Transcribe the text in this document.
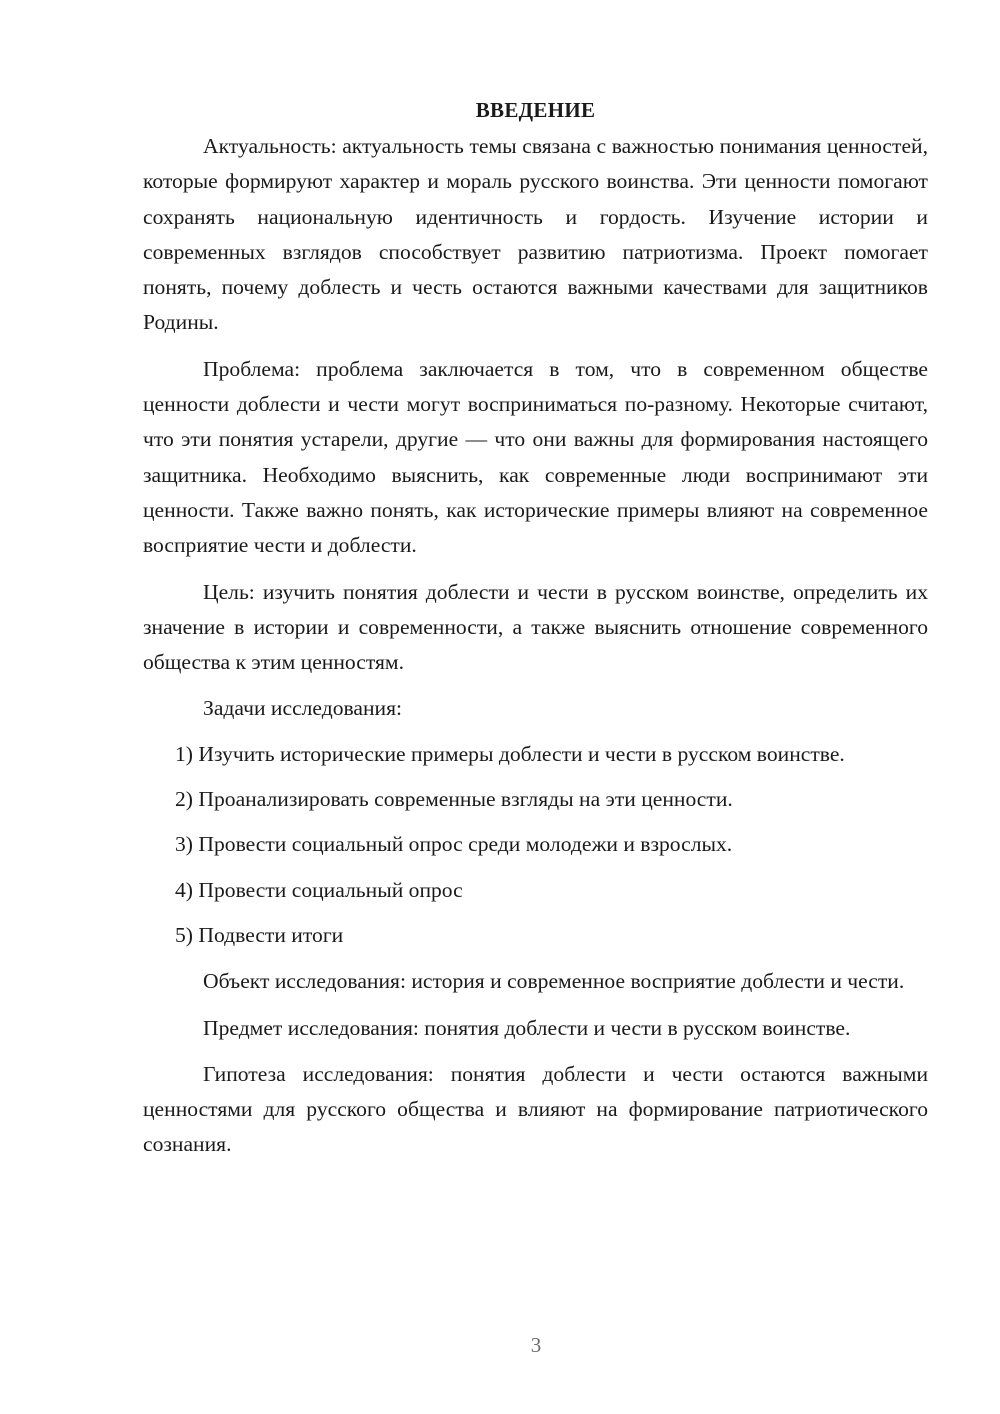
ВВЕДЕНИЕ

Актуальность: актуальность темы связана с важностью понимания ценностей, которые формируют характер и мораль русского воинства. Эти ценности помогают сохранять национальную идентичность и гордость. Изучение истории и современных взглядов способствует развитию патриотизма. Проект помогает понять, почему доблесть и честь остаются важными качествами для защитников Родины.

Проблема: проблема заключается в том, что в современном обществе ценности доблести и чести могут восприниматься по-разному. Некоторые считают, что эти понятия устарели, другие — что они важны для формирования настоящего защитника. Необходимо выяснить, как современные люди воспринимают эти ценности. Также важно понять, как исторические примеры влияют на современное восприятие чести и доблести.

Цель: изучить понятия доблести и чести в русском воинстве, определить их значение в истории и современности, а также выяснить отношение современного общества к этим ценностям.

Задачи исследования:

1) Изучить исторические примеры доблести и чести в русском воинстве.

2) Проанализировать современные взгляды на эти ценности.

3) Провести социальный опрос среди молодежи и взрослых.

4) Провести социальный опрос

5) Подвести итоги

Объект исследования: история и современное восприятие доблести и чести.

Предмет исследования: понятия доблести и чести в русском воинстве.

Гипотеза исследования: понятия доблести и чести остаются важными ценностями для русского общества и влияют на формирование патриотического сознания.

3
